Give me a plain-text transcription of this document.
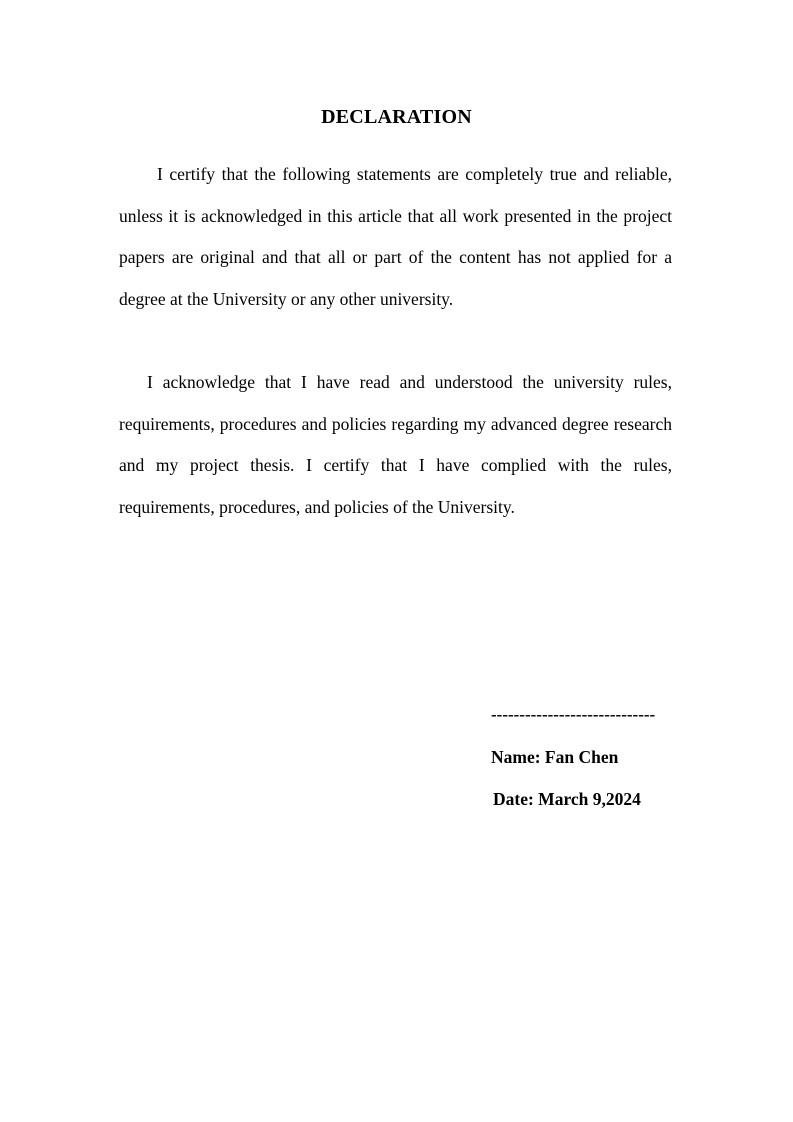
DECLARATION

I certify that the following statements are completely true and reliable, unless it is acknowledged in this article that all work presented in the project papers are original and that all or part of the content has not applied for a degree at the University or any other university.

I acknowledge that I have read and understood the university rules, requirements, procedures and policies regarding my advanced degree research and my project thesis. I certify that I have complied with the rules, requirements, procedures, and policies of the University.

-----------------------------
Name: Fan Chen
Date: March 9,2024
